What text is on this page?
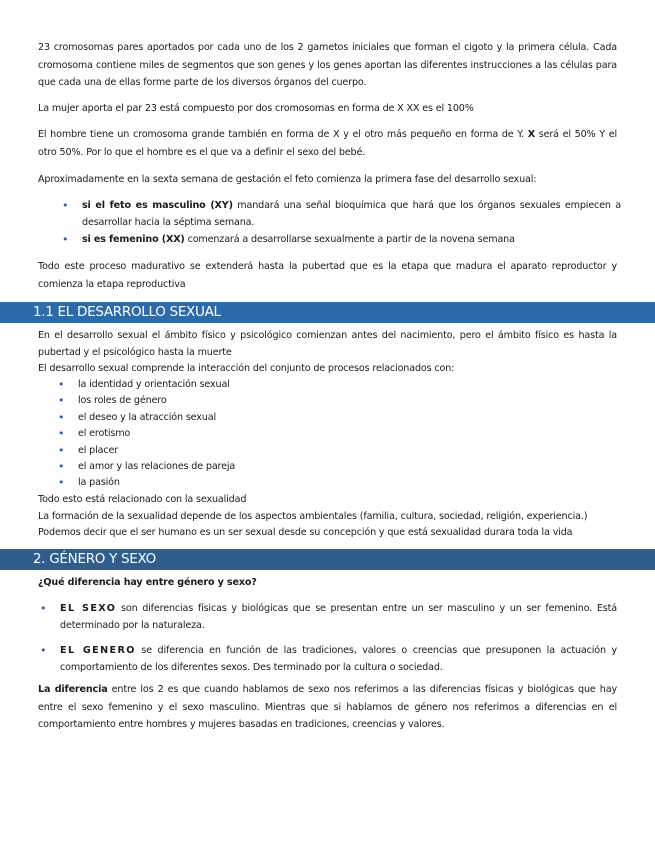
23 cromosomas pares aportados por cada uno de los 2 gametos iniciales que forman el cigoto y la primera célula. Cada cromosoma contiene miles de segmentos que son genes y los genes aportan las diferentes instrucciones a las células para que cada una de ellas forme parte de los diversos órganos del cuerpo.
La mujer aporta el par 23 está compuesto por dos cromosomas en forma de X XX es el 100%
El hombre tiene un cromosoma grande también en forma de X y el otro más pequeño en forma de Y. X será el 50% Y el otro 50%. Por lo que el hombre es el que va a definir el sexo del bebé.
Aproximadamente en la sexta semana de gestación el feto comienza la primera fase del desarrollo sexual:
• si el feto es masculino (XY) mandará una señal bioquímica que hará que los órganos sexuales empiecen a desarrollar hacia la séptima semana.
• si es femenino (XX) comenzará a desarrollarse sexualmente a partir de la novena semana
Todo este proceso madurativo se extenderá hasta la pubertad que es la etapa que madura el aparato reproductor y comienza la etapa reproductiva
1.1 EL DESARROLLO SEXUAL
En el desarrollo sexual el ámbito físico y psicológico comienzan antes del nacimiento, pero el ámbito físico es hasta la pubertad y el psicológico hasta la muerte
El desarrollo sexual comprende la interacción del conjunto de procesos relacionados con:
• la identidad y orientación sexual
• los roles de género
• el deseo y la atracción sexual
• el erotismo
• el placer
• el amor y las relaciones de pareja
• la pasión
Todo esto está relacionado con la sexualidad
La formación de la sexualidad depende de los aspectos ambientales (familia, cultura, sociedad, religión, experiencia.)
Podemos decir que el ser humano es un ser sexual desde su concepción y que está sexualidad durara toda la vida
2. GÉNERO Y SEXO
¿Qué diferencia hay entre género y sexo?
• EL SEXO son diferencias físicas y biológicas que se presentan entre un ser masculino y un ser femenino. Está determinado por la naturaleza.
• EL GENERO se diferencia en función de las tradiciones, valores o creencias que presuponen la actuación y comportamiento de los diferentes sexos. Des terminado por la cultura o sociedad.
La diferencia entre los 2 es que cuando hablamos de sexo nos referimos a las diferencias físicas y biológicas que hay entre el sexo femenino y el sexo masculino. Mientras que si hablamos de género nos referimos a diferencias en el comportamiento entre hombres y mujeres basadas en tradiciones, creencias y valores.
